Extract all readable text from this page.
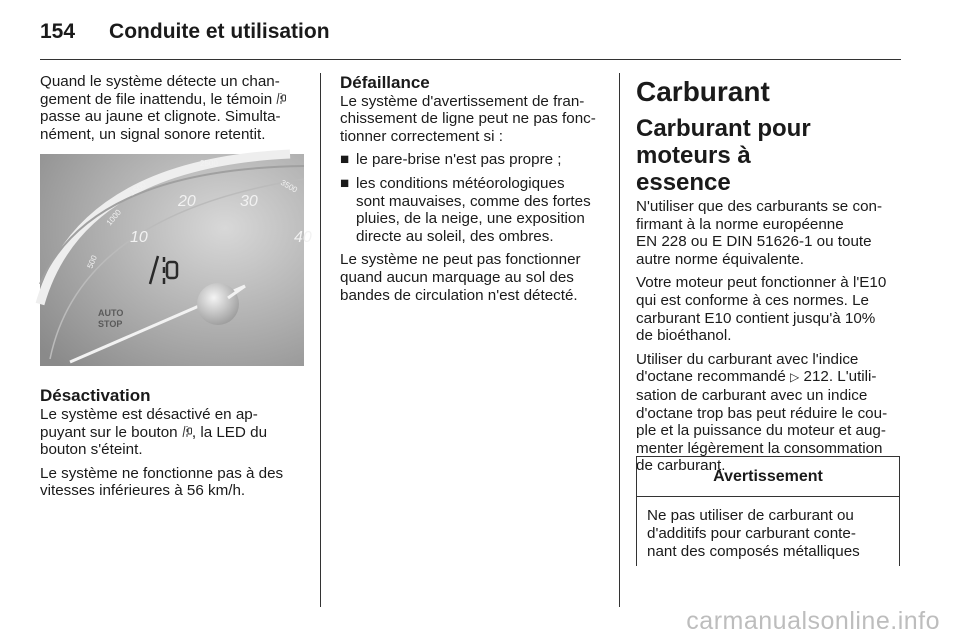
154 Conduite et utilisation

Quand le système détecte un chan-
gement de file inattendu, le témoin
passe au jaune et clignote. Simulta-
nément, un signal sonore retentit.

500
1000
1500
2500
3500
10
20	30
40
AUTO
STOP

Désactivation
Le système est désactivé en ap-
puyant sur le bouton , la LED du
bouton s'éteint.

Le système ne fonctionne pas à des
vitesses inférieures à 56 km/h.

Défaillance
Le système d'avertissement de fran-
chissement de ligne peut ne pas fonc-
tionner correctement si :

■ le pare-brise n'est pas propre ;
■ les conditions météorologiques
sont mauvaises, comme des fortes
pluies, de la neige, une exposition
directe au soleil, des ombres.

Le système ne peut pas fonctionner
quand aucun marquage au sol des
bandes de circulation n'est détecté.

Carburant
Carburant pour moteurs à
essence

N'utiliser que des carburants se con-
firmant à la norme européenne
EN 228 ou E DIN 51626-1 ou toute
autre norme équivalente.

Votre moteur peut fonctionner à l'E10
qui est conforme à ces normes. Le
carburant E10 contient jusqu'à 10%
de bioéthanol.

Utiliser du carburant avec l'indice
d'octane recommandé ▷ 212. L'utili-
sation de carburant avec un indice
d'octane trop bas peut réduire le cou-
ple et la puissance du moteur et aug-
menter légèrement la consommation
de carburant.

Avertissement
Ne pas utiliser de carburant ou
d'additifs pour carburant conte-
nant des composés métalliques
carmanualsonline.info
